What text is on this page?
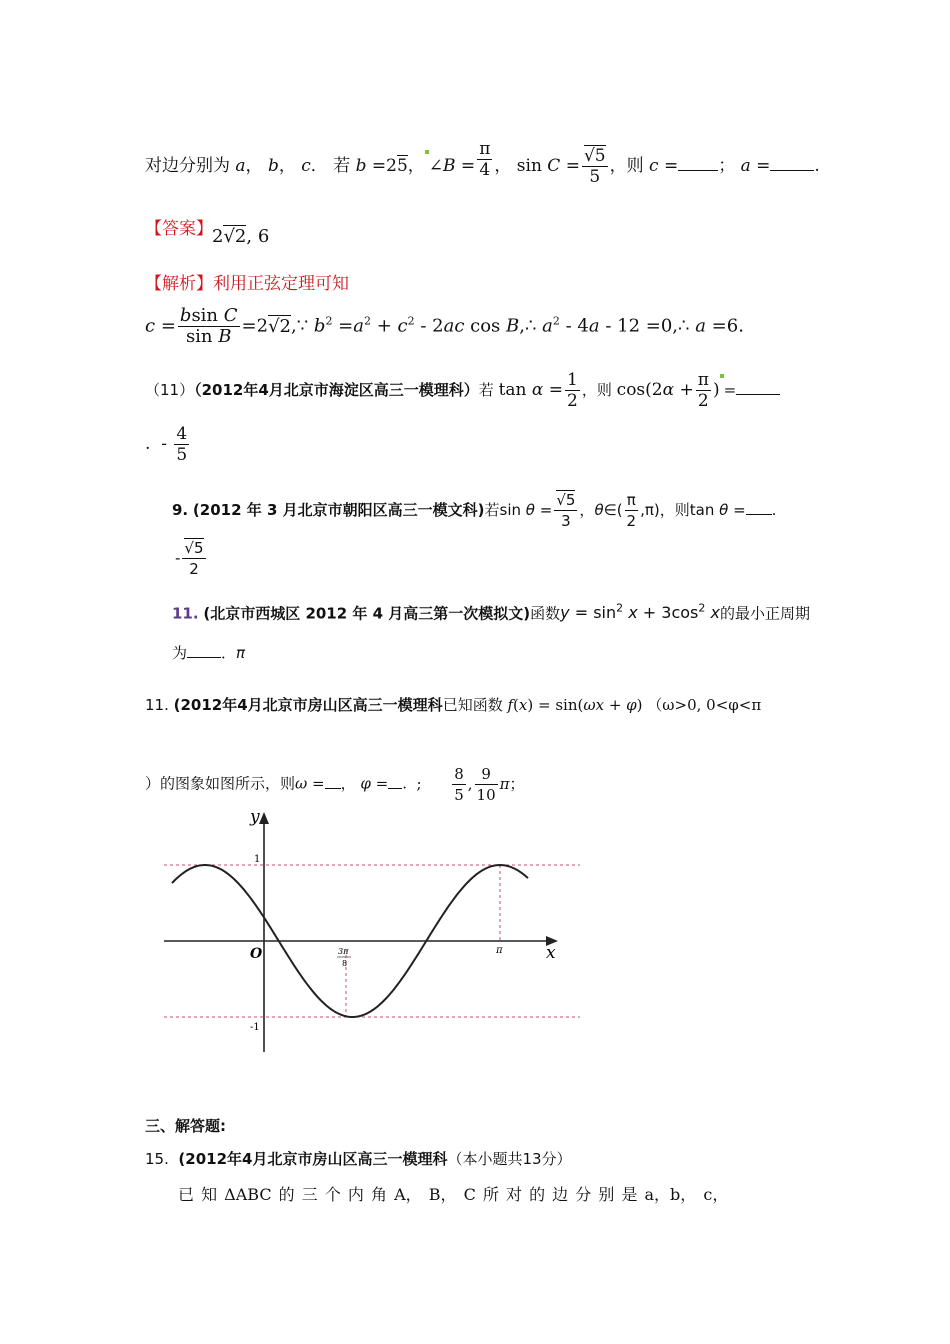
对边分别为 a， b， c． 若 b =25， ∠B = $\frac{\pi}{4}$ ， $\sin C = \frac{√5}{5}$ ，则 c = ； a =	.
【答案】 2√2, 6
【解析】利用正弦定理可知
$c = \frac{\text{bsin C}}{\text{sin B}}$ =2√2,∵ $b^2 =a^2 + c^2 - 2ac$ cos B,∴ $a^2 - 4a - 12$ =0,∴ a =6.
（11）（2012年4月北京市海淀区高三一模理科）若 $\tan \alpha = \frac{1}{2}$ ，则 $\cos(2\alpha + \frac{\pi}{2}$ ) =
.  - $\frac{4}{5}$
9. (2012 年 3 月北京市朝阳区高三一模文科)若$\sin \theta = \frac{√5}{3}$ ，θ∈( $\frac{\pi}{2} ,\pi$)，则tan θ = .
- $\frac{√5}{2}$
11. (北京市西城区 2012 年 4 月高三第一次模拟文)函数$y = \sin^2 x + 3\cos^2$ x的最小正周期
为 ．π
11. (2012年4月北京市房山区高三一模理科已知函数 f(x) = sin(ωx + φ) （ω>0, 0<φ<π
）的图象如图所示，则ω = ， φ = .  ; $\frac{8}{5}$ , $\frac{9}{10}$ π；
y
x
O
1
-1
3π
8
π
三、解答题:
15. (2012年4月北京市房山区高三一模理科（本小题共13分）
已 知 ΔABC 的 三 个 内 角 A， B， C 所 对 的 边 分 别 是 a，b， c，
